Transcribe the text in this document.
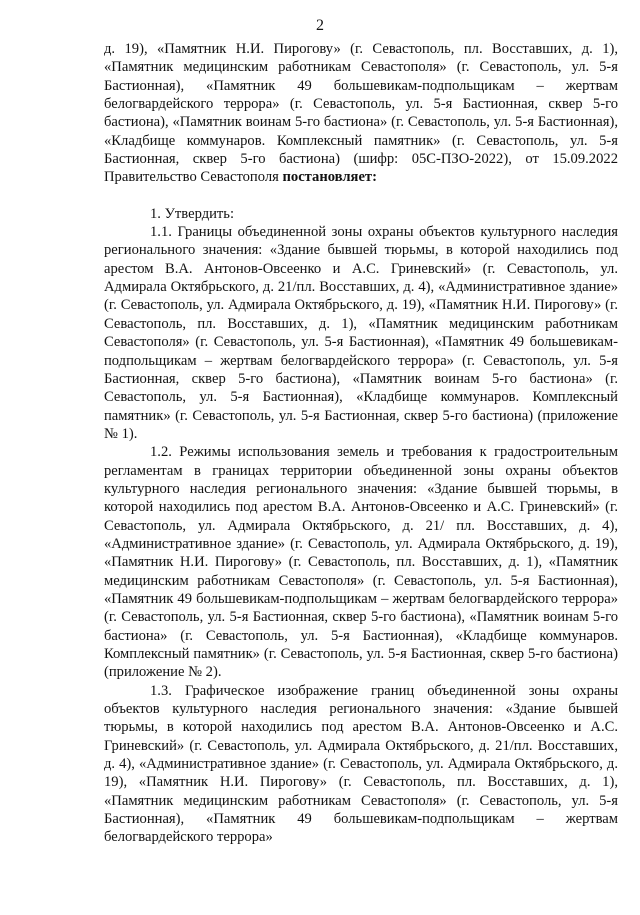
2

д. 19), «Памятник Н.И. Пирогову» (г. Севастополь, пл. Восставших, д. 1), «Памятник медицинским работникам Севастополя» (г. Севастополь, ул. 5-я Бастионная), «Памятник 49 большевикам-подпольщикам – жертвам белогвардейского террора» (г. Севастополь, ул. 5-я Бастионная, сквер 5-го бастиона), «Памятник воинам 5-го бастиона» (г. Севастополь, ул. 5-я Бастионная), «Кладбище коммунаров. Комплексный памятник» (г. Севастополь, ул. 5-я Бастионная, сквер 5-го бастиона) (шифр: 05С-ПЗО-2022), от 15.09.2022 Правительство Севастополя постановляет:

1. Утвердить:

1.1. Границы объединенной зоны охраны объектов культурного наследия регионального значения: «Здание бывшей тюрьмы, в которой находились под арестом В.А. Антонов-Овсеенко и А.С. Гриневский» (г. Севастополь, ул. Адмирала Октябрьского, д. 21/пл. Восставших, д. 4), «Административное здание» (г. Севастополь, ул. Адмирала Октябрьского, д. 19), «Памятник Н.И. Пирогову» (г. Севастополь, пл. Восставших, д. 1), «Памятник медицинским работникам Севастополя» (г. Севастополь, ул. 5-я Бастионная), «Памятник 49 большевикам-подпольщикам – жертвам белогвардейского террора» (г. Севастополь, ул. 5-я Бастионная, сквер 5-го бастиона), «Памятник воинам 5-го бастиона» (г. Севастополь, ул. 5-я Бастионная), «Кладбище коммунаров. Комплексный памятник» (г. Севастополь, ул. 5-я Бастионная, сквер 5-го бастиона) (приложение № 1).

1.2. Режимы использования земель и требования к градостроительным регламентам в границах территории объединенной зоны охраны объектов культурного наследия регионального значения: «Здание бывшей тюрьмы, в которой находились под арестом В.А. Антонов-Овсеенко и А.С. Гриневский» (г. Севастополь, ул. Адмирала Октябрьского, д. 21/ пл. Восставших, д. 4), «Административное здание» (г. Севастополь, ул. Адмирала Октябрьского, д. 19), «Памятник Н.И. Пирогову» (г. Севастополь, пл. Восставших, д. 1), «Памятник медицинским работникам Севастополя» (г. Севастополь, ул. 5-я Бастионная), «Памятник 49 большевикам-подпольщикам – жертвам белогвардейского террора» (г. Севастополь, ул. 5-я Бастионная, сквер 5-го бастиона), «Памятник воинам 5-го бастиона» (г. Севастополь, ул. 5-я Бастионная), «Кладбище коммунаров. Комплексный памятник» (г. Севастополь, ул. 5-я Бастионная, сквер 5-го бастиона) (приложение № 2).

1.3. Графическое изображение границ объединенной зоны охраны объектов культурного наследия регионального значения: «Здание бывшей тюрьмы, в которой находились под арестом В.А. Антонов-Овсеенко и А.С. Гриневский» (г. Севастополь, ул. Адмирала Октябрьского, д. 21/пл. Восставших, д. 4), «Административное здание» (г. Севастополь, ул. Адмирала Октябрьского, д. 19), «Памятник Н.И. Пирогову» (г. Севастополь, пл. Восставших, д. 1), «Памятник медицинским работникам Севастополя» (г. Севастополь, ул. 5-я Бастионная), «Памятник 49 большевикам-подпольщикам – жертвам белогвардейского террора»
